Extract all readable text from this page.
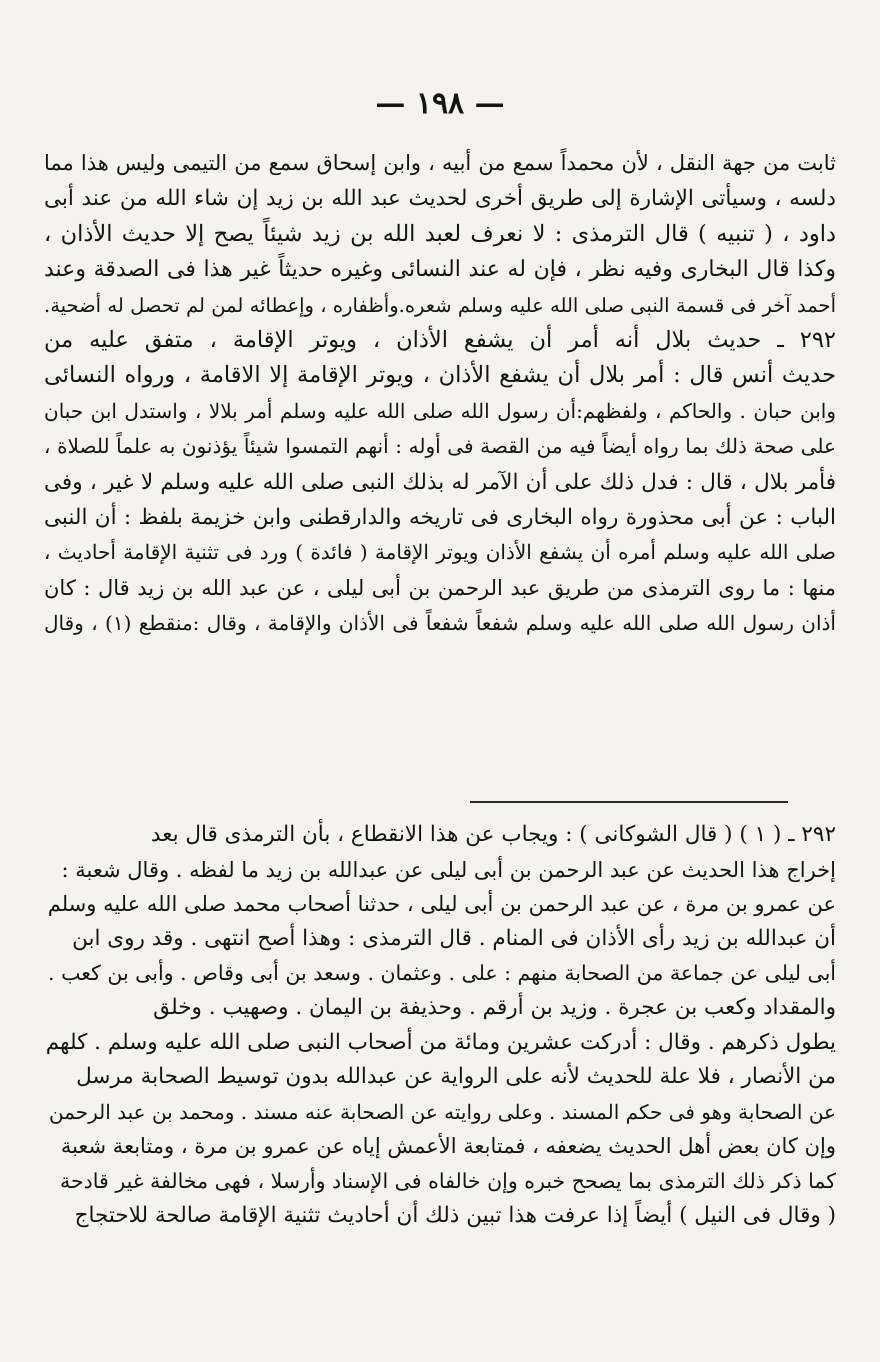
— ١٩٨ —
ثابت من جهة النقل ، لأن محمداً سمع من أبيه ، وابن إسحاق سمع من التيمى وليس هذا مما
دلسه ، وسيأتى الإشارة إلى طريق أخرى لحديث عبد الله بن زيد إن شاء الله من عند أبى
داود ، ( تنبيه ) قال الترمذى : لا نعرف لعبد الله بن زيد شيئاً يصح إلا حديث الأذان ،
وكذا قال البخارى وفيه نظر ، فإن له عند النسائى وغيره حديثاً غير هذا فى الصدقة وعند
أحمد آخر فى قسمة النبى صلى الله عليه وسلم شعره.وأظفاره ، وإعطائه لمن لم تحصل له أضحية.
٢٩٢ ـ حديث بلال أنه أمر أن يشفع الأذان ، ويوتر الإقامة ، متفق عليه من
حديث أنس قال : أمر بلال أن يشفع الأذان ، ويوتر الإقامة إلا الاقامة ، ورواه النسائى
وابن حبان . والحاكم ، ولفظهم:أن رسول الله صلى الله عليه وسلم أمر بلالا ، واستدل ابن حبان
على صحة ذلك بما رواه أيضاً فيه من القصة فى أوله : أنهم التمسوا شيئاً يؤذنون به علماً للصلاة ،
فأمر بلال ، قال : فدل ذلك على أن الآمر له بذلك النبى صلى الله عليه وسلم لا غير ، وفى
الباب : عن أبى محذورة رواه البخارى فى تاريخه والدارقطنى وابن خزيمة بلفظ : أن النبى
صلى الله عليه وسلم أمره أن يشفع الأذان ويوتر الإقامة ( فائدة ) ورد فى تثنية الإقامة أحاديث ،
منها : ما روى الترمذى من طريق عبد الرحمن بن أبى ليلى ، عن عبد الله بن زيد قال : كان
أذان رسول الله صلى الله عليه وسلم شفعاً شفعاً فى الأذان والإقامة ، وقال :منقطع (١) ، وقال
٢٩٢ ـ ( ١ ) ( قال الشوكانى ) : ويجاب عن هذا الانقطاع ، بأن الترمذى قال بعد
إخراج هذا الحديث عن عبد الرحمن بن أبى ليلى عن عبدالله بن زيد ما لفظه . وقال شعبة :
عن عمرو بن مرة ، عن عبد الرحمن بن أبى ليلى ، حدثنا أصحاب محمد صلى الله عليه وسلم
أن عبدالله بن زيد رأى الأذان فى المنام . قال الترمذى : وهذا أصح انتهى . وقد روى ابن
أبى ليلى عن جماعة من الصحابة منهم : على . وعثمان . وسعد بن أبى وقاص . وأبى بن كعب .
والمقداد وكعب بن عجرة . وزيد بن أرقم . وحذيفة بن اليمان . وصهيب . وخلق
يطول ذكرهم . وقال : أدركت عشرين ومائة من أصحاب النبى صلى الله عليه وسلم . كلهم
من الأنصار ، فلا علة للحديث لأنه على الرواية عن عبدالله بدون توسيط الصحابة مرسل
عن الصحابة وهو فى حكم المسند . وعلى روايته عن الصحابة عنه مسند . ومحمد بن عبد الرحمن
وإن كان بعض أهل الحديث يضعفه ، فمتابعة الأعمش إياه عن عمرو بن مرة ، ومتابعة شعبة
كما ذكر ذلك الترمذى بما يصحح خبره وإن خالفاه فى الإسناد وأرسلا ، فهى مخالفة غير قادحة
( وقال فى النيل ) أيضاً إذا عرفت هذا تبين ذلك أن أحاديث تثنية الإقامة صالحة للاحتجاج
